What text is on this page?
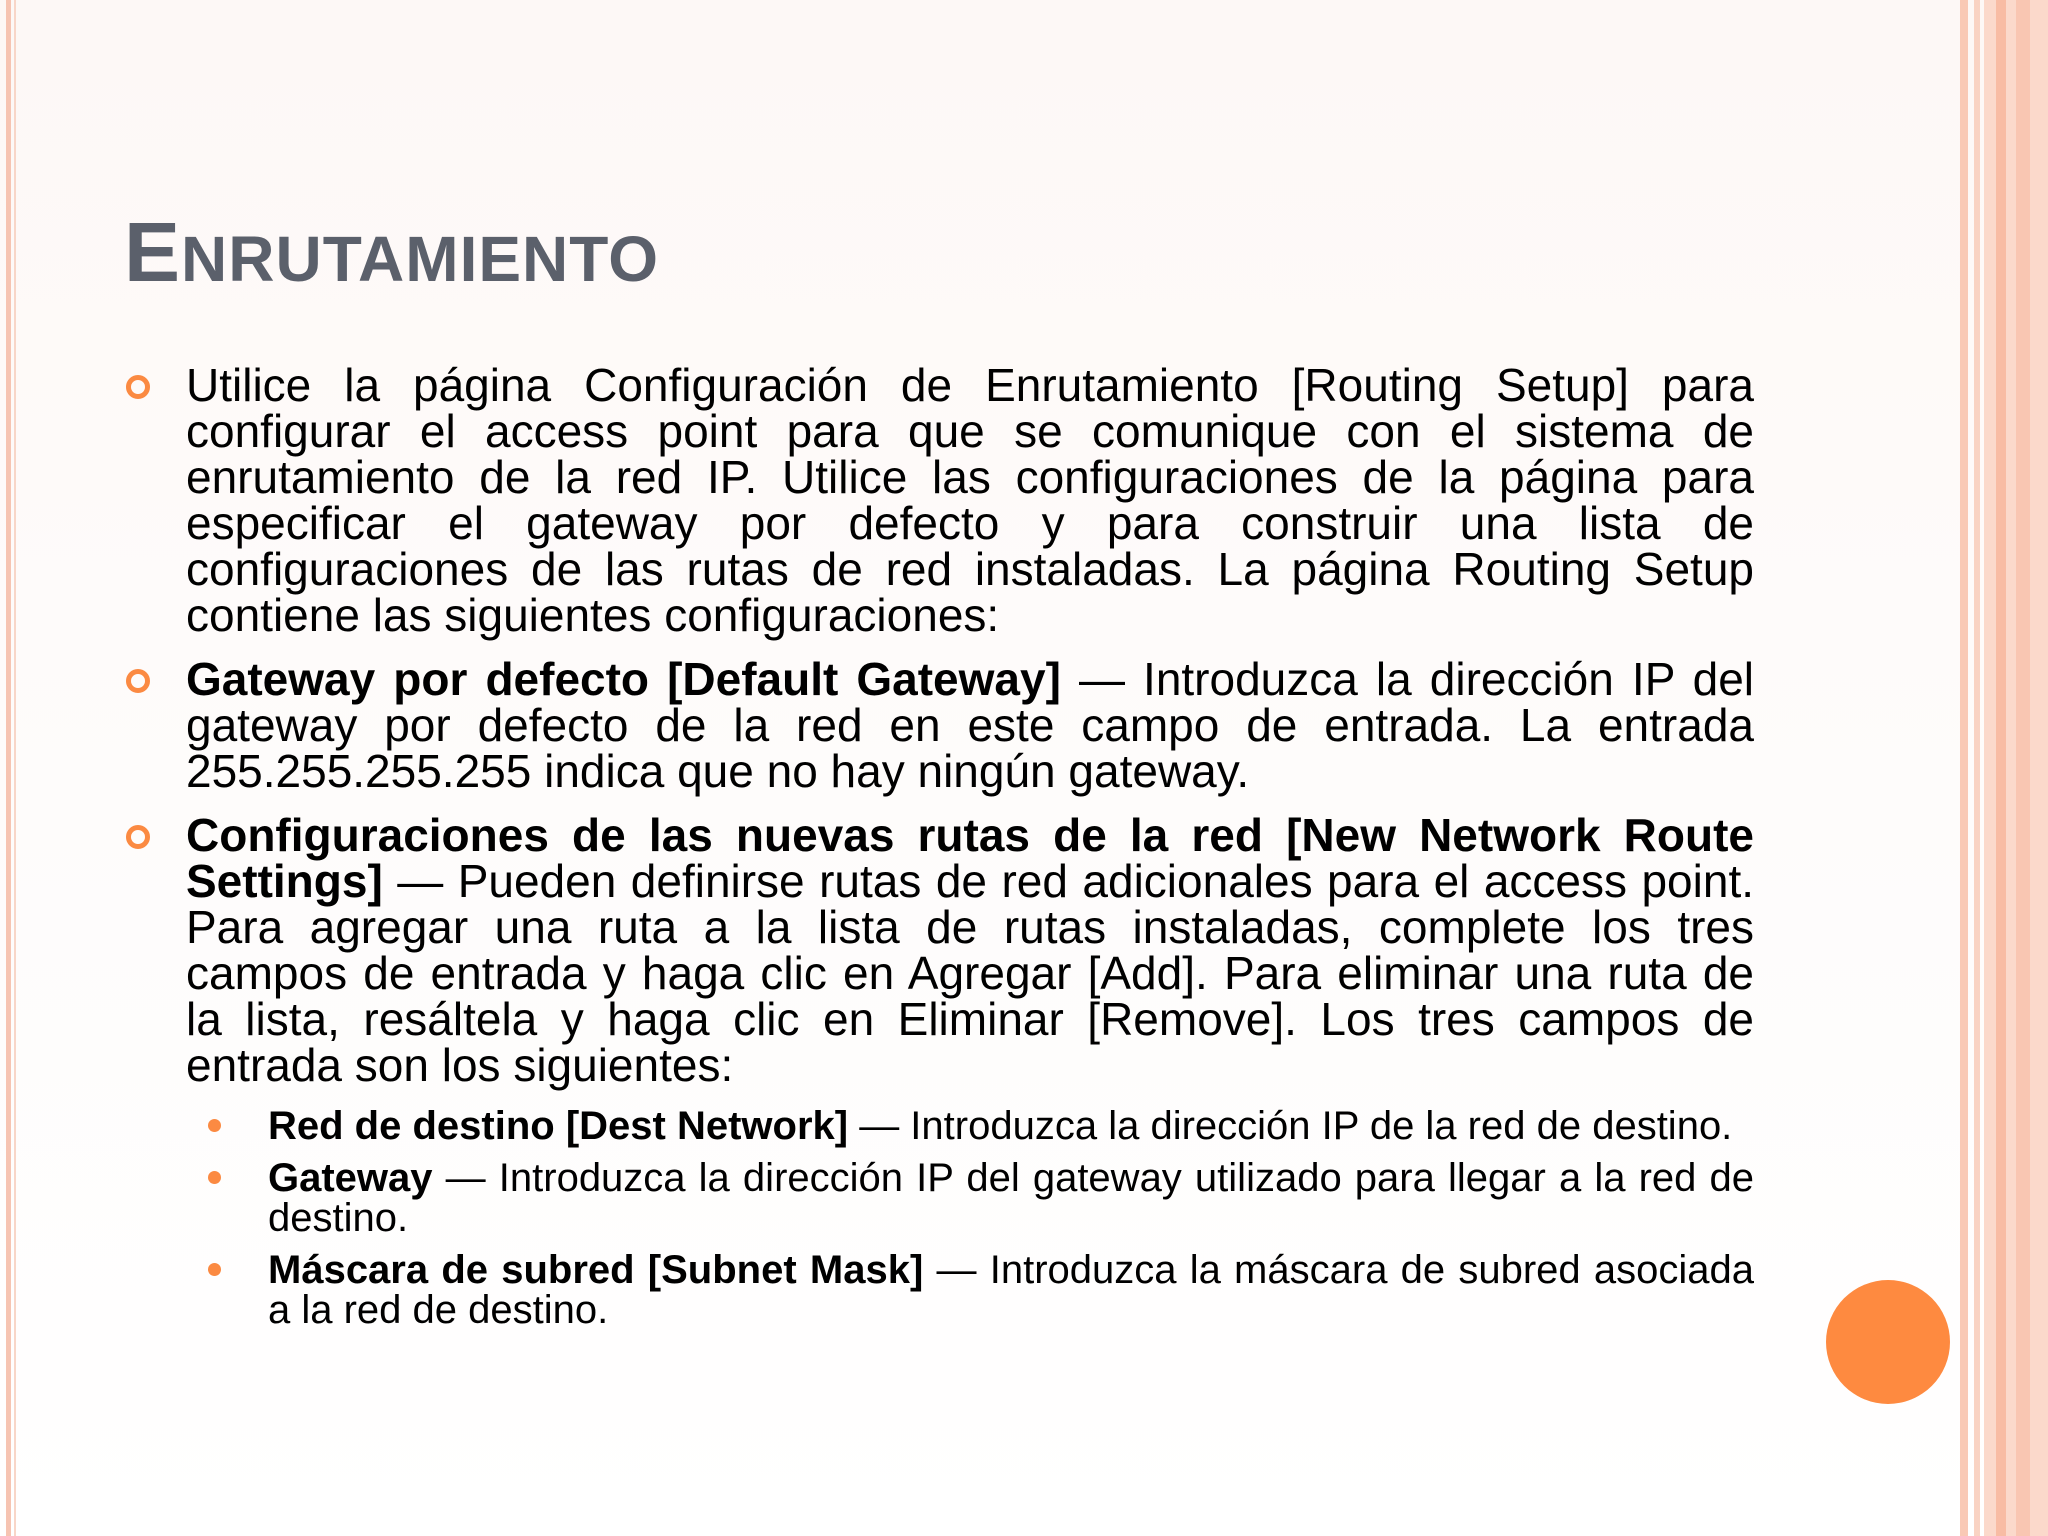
ENRUTAMIENTO
Utilice la página Configuración de Enrutamiento [Routing Setup] para configurar el access point para que se comunique con el sistema de enrutamiento de la red IP. Utilice las configuraciones de la página para especificar el gateway por defecto y para construir una lista de configuraciones de las rutas de red instaladas. La página Routing Setup contiene las siguientes configuraciones:
Gateway por defecto [Default Gateway] — Introduzca la dirección IP del gateway por defecto de la red en este campo de entrada. La entrada 255.255.255.255 indica que no hay ningún gateway.
Configuraciones de las nuevas rutas de la red [New Network Route Settings] — Pueden definirse rutas de red adicionales para el access point. Para agregar una ruta a la lista de rutas instaladas, complete los tres campos de entrada y haga clic en Agregar [Add]. Para eliminar una ruta de la lista, resáltela y haga clic en Eliminar [Remove]. Los tres campos de entrada son los siguientes:
Red de destino [Dest Network] — Introduzca la dirección IP de la red de destino.
Gateway — Introduzca la dirección IP del gateway utilizado para llegar a la red de destino.
Máscara de subred [Subnet Mask] — Introduzca la máscara de subred asociada a la red de destino.
